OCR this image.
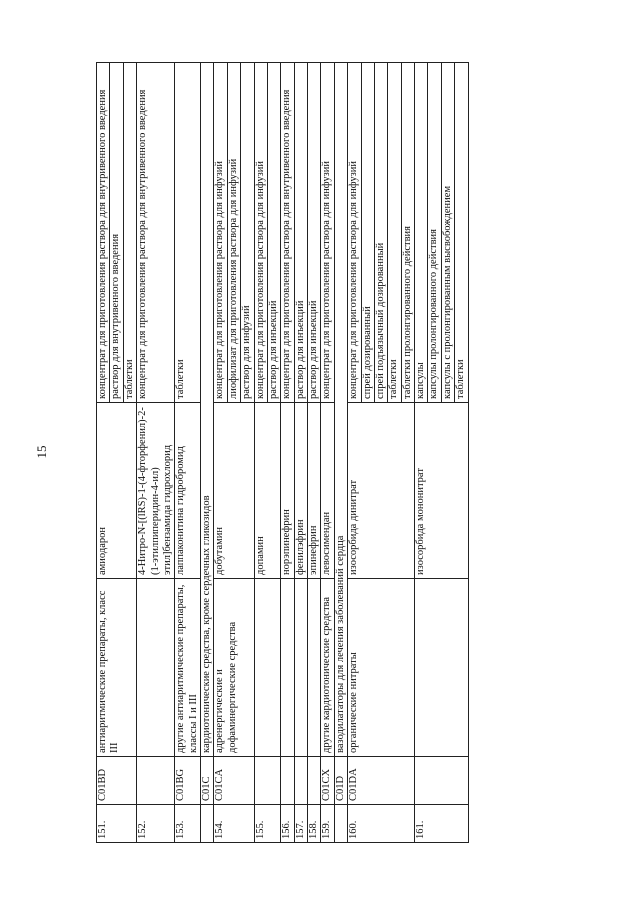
15
151.	C01BD	антиаритмические препараты, класс III	амиодарон	концентрат для приготовления раствора для внутривенного введения
				раствор для внутривенного введения
				таблетки
152.			4-Нитро-N-[(lRS)-1-(4-фторфенил)-2-(1-этилпиперидин-4-ил) этил]бензамида гидрохлорид	концентрат для приготовления раствора для внутривенного введения
153.	C01BG	другие антиаритмические препараты, классы I и III	лаппаконитина гидробромид	таблетки
	C01C	кардиотонические средства, кроме сердечных гликозидов		
154.	C01CA	адренергические и дофаминергические средства	добутамин	концентрат для приготовления раствора для инфузий
				лиофилизат для приготовления раствора для инфузий
				раствор для инфузий
155.			допамин	концентрат для приготовления раствора для инфузий
				раствор для инъекций
156.			норэпинефрин	концентрат для приготовления раствора для внутривенного введения
157.			фенилэфрин	раствор для инъекций
158.			эпинефрин	раствор для инъекций
159.	C01CX	другие кардиотонические средства	левосимендан	концентрат для приготовления раствора для инфузий
	C01D	вазодилататоры для лечения заболеваний сердца		
160.	C01DA	органические нитраты	изосорбида динитрат	концентрат для приготовления раствора для инфузий
				спрей дозированный
				спрей подъязычный дозированный
				таблетки
				таблетки пролонгированного действия
161.			изосорбида мононитрат	капсулы
				капсулы пролонгированного действия
				капсулы с пролонгированным высвобождением
				таблетки
